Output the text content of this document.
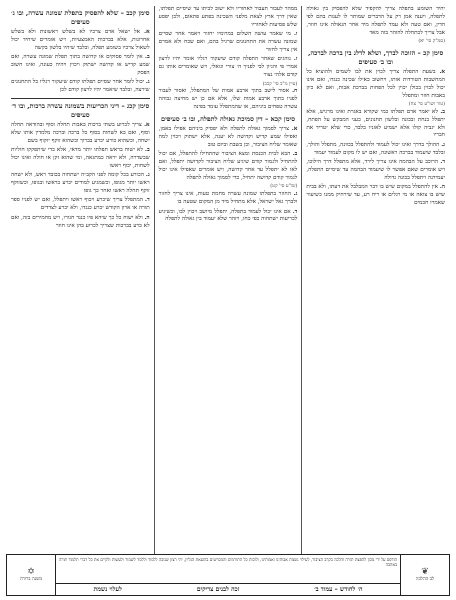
יחיד השומע בתפלה צריך להקפיד שלא להפסיק בין גאולה לתפלה, ויענה אמן רק על הדברים שמותר לו לענות בהם לפי הדין, ואם טעה ולא עמד לתפלה מיד אחר הגאולה אינו חוזר, אבל צריך לכתחלה להזהר בזה מאד

(סמ"ק סי' יא)
סימן קכ – הזוכה לברך, ושלא לדלג בין ברכה לברכה, ובו ב׳ סעיפים

א. בשעת התפלה צריך לכוין את לבו לשמים ולהוציא כל המחשבות הטורדות אותו, ויחשוב כאילו שכינה כנגדו, ואם אינו יכול לכוין בכולן יכוין לכל הפחות בברכת אבות, ואם לא כיון באבות חוזר ומתפלל

(טור ושו"ע סי' צח)

ב. לא יאמר אדם תפלתו כמי שקורא באגרת ואינו מרגיש, אלא יתפלל בנחת ובכונה ובלשון תחנונים, כעני המבקש על הפתח, ולא יגביה קולו אלא ישמיע לאזניו בלבד, כדי שלא יטריד את חבריו

ג. ההולך בדרך ואינו יכול לעמוד ולהתפלל בכוונה, מתפלל והולך, ובלבד שיעמוד בברכה ראשונה, ואם יש לו מקום לעמוד יעמוד

ד. הרוכב על הבהמה אינו צריך לירד, אלא מתפלל דרך הילוכו, ויש אומרים שאם אפשר לו שיעמוד הבהמה עד שיסיים התפלה, יעמידנה ויתפלל בכונה גדולה

ה. אין להתפלל במקום שיש בו דבר המבלבל את דעתו, ולא בבית שיש בו צואה או מי רגלים או ריח רע, עד שירחיק ממנו כשיעור שאמרו חכמים

ממהר לעבור תעבור לאחוריו ולא ישוב לביתו עד שיסיים תפלתו, שאין דרך ארץ לצאת מלפני השכינה בפתע פתאום, ולכן יפסע שלש פסיעות לאחוריו

ו. מי שאמר עושה השלום במרומיו יחזור ויאמר אחר שסיים שמונה עשרה את התחנונים שרגיל בהם, ואם שכח ולא אמרם אין צריך לחזור

ז. נוהגים שאחר התפלה קודם שיעקור רגליו אומר יהיו לרצון אמרי פי והגיון לבי לפניך ה׳ צורי וגואלי, ויש שאומרים אותו גם קודם אלהי נצור

(עיין מ"ב סי' קכב)

ח. אסור לישב בתוך ארבע אמות של המתפלל, ואסור לעבור לפניו בתוך ארבע אמות שלו, אלא אם כן יש מחיצה גבוהה עשרה טפחים ביניהם, או שהמתפלל עומד בפינה

סימן קכא – דין סמיכת גאולה לתפלה, ובו ב׳ סעיפים

א. צריך לסמוך גאולה לתפלה ולא יפסיק ביניהם אפילו באמן, ואפילו שמע קדיש וקדושה לא יענה, אלא ישתוק ויכוין למה שאומר שליח הציבור, וכן בשבת וביום טוב

ב. הבא לבית הכנסת ומצא הציבור שהתחילו להתפלל, אם יכול להתחיל ולגמור קודם שיגיע שליח הציבור לקדושה יתפלל, ואם לאו לא יתפלל עד אחר קדושה, ויש אומרים שאפילו אינו יכול לגמור קודם קדושה יתחיל, כדי לסמוך גאולה לתפלה

(שו"ע סי' קט)

ג. החוזר בתפלתו שמונה עשרה מחמת טעות, אינו צריך לחזור ולברך גאל ישראל, אלא מתחיל מיד מן המקום שטעה בו

ד. אם אינו יכול לעמוד בתפלה, יתפלל מיושב ויכוין לבו, וכשיגיע לכריעות ישתחוה כפי כחו, ויזהר שלא יעמוד בין גאולה לתפלה

סימן קכב – שלא להפסיק בתפלת שמונה עשרה, ובו ג׳ סעיפים

א. אל ישאל אדם צרכיו לא בשלש ראשונות ולא בשלש אחרונות, אלא בברכות האמצעיות, ויש אומרים שיחיד יכול לשאול צרכיו בשומע תפלה, ובלבד שיהיו בלשון בקשה

ב. אין לומר פסוקים או קדושה בתוך תפלת שמונה עשרה, ואם שמע קדיש או קדושה ישתוק ויכוין ויהיה כעונה, ואינו חשוב הפסק

ג. יכול לומר אחר שסיים תפלתו קודם שיעקור רגליו כל התחנונים שירצה, ובלבד שיאמר יהיו לרצון קודם לכן

סימן קכג – דיני הכריעות בשמונה עשרה ברכות, ובו ד׳ סעיפים

א. צריך לכרוע בשתי ברכות באבות תחלה וסוף ובהודאה תחלה וסוף, ואם בא לשחות בסוף כל ברכה וברכה מלמדין אותו שלא ישחה, וכשהוא כורע יכרע בברוך וכשהוא זוקף יזקוף בשם

ב. לא ישוח בראש תפלתו יותר מדאי, אלא כדי שיתפקקו חוליות שבשדרה, ולא יראה כמתגאה, ומי שהוא זקן או חולה ואינו יכול לשחות, יכוף ראשו

ג. הכורע בכל קומה לפני הקב״ה ישתחוה בכובד ראש, ולא ישחה ראשו יותר מגופו, וכשמגיע למודים יכרע בראשו ובגופו, וכשזוקף זוקף תחלה ראשו ואחר כך גופו

ד. המתפלל צריך שיכרע ויכוף ראשו ויתפלל, ואם יש לפניו ספר תורה או ארון הקודש יכרע כנגדו, ולא יכרע לצדדים

ה. ולא ישוח כל כך שיהא פיו כנגד חגורו, ויש מחמירים בזה, ואם לא כרע בברכות שצריך לכרוע בהן אינו חוזר

❦
לב ההלכה
הודפס על ידי מכון להפצת תורה והלכה בקרב הציבור, לעילוי נשמת אבותינו ואמותינו, ולזכות כל התורמים והמסייעים בהוצאת הגליון, יהי רצון שנזכה ללמוד וללמד לשמור ולעשות ולקיים את כל דברי תלמוד תורה באהבה
ה׳ לחודש – עמוד ב׳
זכה לבנים צדיקים
לעלוי נשמת
✡
משנה ברורה
